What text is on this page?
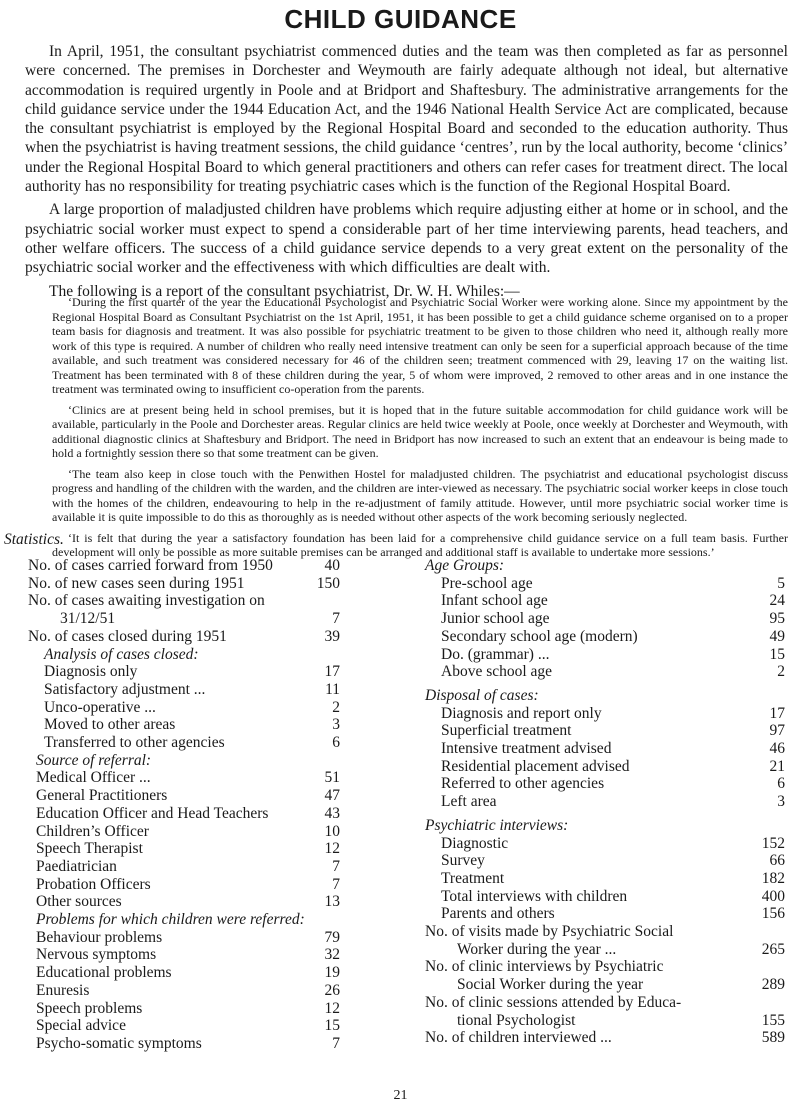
CHILD GUIDANCE

In April, 1951, the consultant psychiatrist commenced duties and the team was then completed as far as personnel were concerned. The premises in Dorchester and Weymouth are fairly adequate although not ideal, but alternative accommodation is required urgently in Poole and at Bridport and Shaftesbury. The administrative arrangements for the child guidance service under the 1944 Education Act, and the 1946 National Health Service Act are complicated, because the consultant psychiatrist is employed by the Regional Hospital Board and seconded to the education authority. Thus when the psychiatrist is having treatment sessions, the child guidance ‘centres’, run by the local authority, become ‘clinics’ under the Regional Hospital Board to which general practitioners and others can refer cases for treatment direct. The local authority has no responsibility for treating psychiatric cases which is the function of the Regional Hospital Board.

A large proportion of maladjusted children have problems which require adjusting either at home or in school, and the psychiatric social worker must expect to spend a considerable part of her time interviewing parents, head teachers, and other welfare officers. The success of a child guidance service depends to a very great extent on the personality of the psychiatric social worker and the effectiveness with which difficulties are dealt with.

The following is a report of the consultant psychiatrist, Dr. W. H. Whiles:—

‘During the first quarter of the year the Educational Psychologist and Psychiatric Social Worker were working alone. Since my appointment by the Regional Hospital Board as Consultant Psychiatrist on the 1st April, 1951, it has been possible to get a child guidance scheme organised on to a proper team basis for diagnosis and treatment. It was also possible for psychiatric treatment to be given to those children who need it, although really more work of this type is required. A number of children who really need intensive treatment can only be seen for a superficial approach because of the time available, and such treatment was considered necessary for 46 of the children seen; treatment commenced with 29, leaving 17 on the waiting list. Treatment has been terminated with 8 of these children during the year, 5 of whom were improved, 2 removed to other areas and in one instance the treatment was terminated owing to insufficient co-operation from the parents.

‘Clinics are at present being held in school premises, but it is hoped that in the future suitable accommodation for child guidance work will be available, particularly in the Poole and Dorchester areas. Regular clinics are held twice weekly at Poole, once weekly at Dorchester and Weymouth, with additional diagnostic clinics at Shaftesbury and Bridport. The need in Bridport has now increased to such an extent that an endeavour is being made to hold a fortnightly session there so that some treatment can be given.

‘The team also keep in close touch with the Penwithen Hostel for maladjusted children. The psychiatrist and educational psychologist discuss progress and handling of the children with the warden, and the children are inter-viewed as necessary. The psychiatric social worker keeps in close touch with the homes of the children, endeavouring to help in the re-adjustment of family attitude. However, until more psychiatric social worker time is available it is quite impossible to do this as thoroughly as is needed without other aspects of the work becoming seriously neglected.

‘It is felt that during the year a satisfactory foundation has been laid for a comprehensive child guidance service on a full team basis. Further development will only be possible as more suitable premises can be arranged and additional staff is available to undertake more sessions.’

Statistics.

No. of cases carried forward from 1950	40
No. of new cases seen during 1951	150
No. of cases awaiting investigation on
31/12/51	7
No. of cases closed during 1951	39
Analysis of cases closed:
Diagnosis only	17
Satisfactory adjustment ...	11
Unco-operative ...	2
Moved to other areas	3
Transferred to other agencies	6
Source of referral:
Medical Officer ...	51
General Practitioners	47
Education Officer and Head Teachers	43
Children’s Officer	10
Speech Therapist	12
Paediatrician	7
Probation Officers	7
Other sources	13
Problems for which children were referred:
Behaviour problems	79
Nervous symptoms	32
Educational problems	19
Enuresis	26
Speech problems	12
Special advice	15
Psycho-somatic symptoms	7
Age Groups:
Pre-school age	5
Infant school age	24
Junior school age	95
Secondary school age (modern)	49
Do. (grammar) ...	15
Above school age	2
Disposal of cases:
Diagnosis and report only	17
Superficial treatment	97
Intensive treatment advised	46
Residential placement advised	21
Referred to other agencies	6
Left area	3
Psychiatric interviews:
Diagnostic	152
Survey	66
Treatment	182
Total interviews with children	400
Parents and others	156
No. of visits made by Psychiatric Social
Worker during the year ...	265
No. of clinic interviews by Psychiatric
Social Worker during the year	289
No. of clinic sessions attended by Educa-
tional Psychologist	155
No. of children interviewed ...	589
21
